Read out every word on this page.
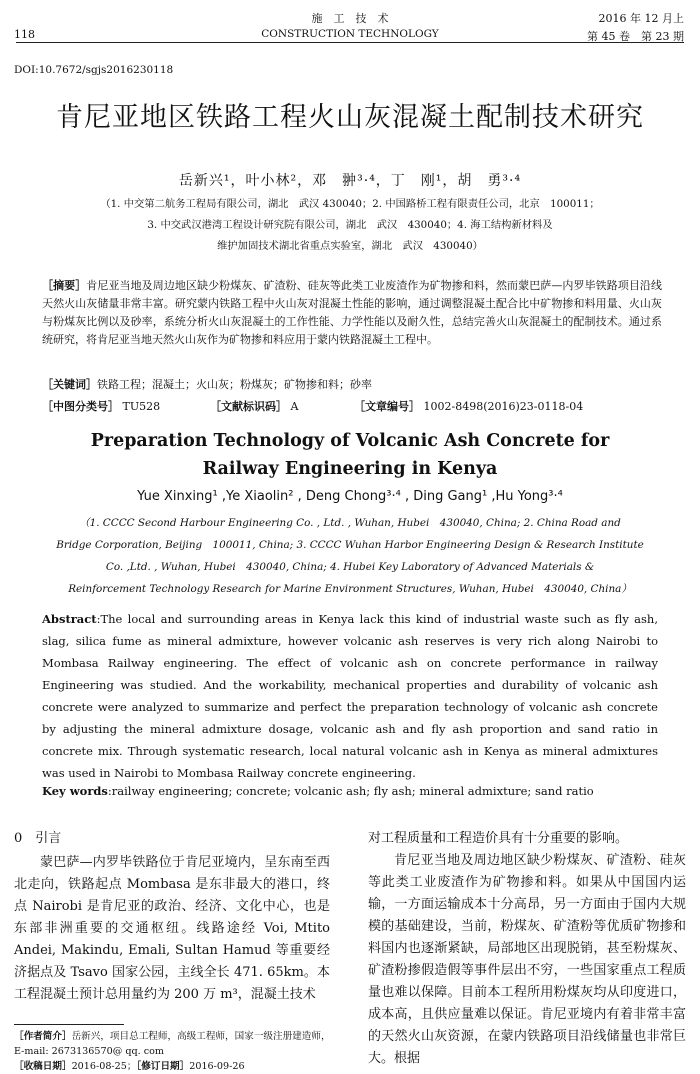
118
施　工　技　术
CONSTRUCTION TECHNOLOGY
2016 年 12 月上
第 45 卷　第 23 期
DOI:10.7672/sgjs2016230118
肯尼亚地区铁路工程火山灰混凝土配制技术研究
岳新兴¹，叶小林²，邓　翀³·⁴，丁　刚¹，胡　勇³·⁴
（1. 中交第二航务工程局有限公司，湖北　武汉 430040；2. 中国路桥工程有限责任公司，北京　100011；
3. 中交武汉港湾工程设计研究院有限公司，湖北　武汉　430040；4. 海工结构新材料及
维护加固技术湖北省重点实验室，湖北　武汉　430040）
［摘要］肯尼亚当地及周边地区缺少粉煤灰、矿渣粉、硅灰等此类工业废渣作为矿物掺和料，然而蒙巴萨—内罗毕铁路项目沿线天然火山灰储量非常丰富。研究蒙内铁路工程中火山灰对混凝土性能的影响，通过调整混凝土配合比中矿物掺和料用量、火山灰与粉煤灰比例以及砂率，系统分析火山灰混凝土的工作性能、力学性能以及耐久性，总结完善火山灰混凝土的配制技术。通过系统研究，将肯尼亚当地天然火山灰作为矿物掺和料应用于蒙内铁路混凝土工程中。
［关键词］铁路工程；混凝土；火山灰；粉煤灰；矿物掺和料；砂率
［中图分类号］ TU528	［文献标识码］ A	［文章编号］ 1002-8498(2016)23-0118-04
Preparation Technology of Volcanic Ash Concrete for
Railway Engineering in Kenya
Yue Xinxing¹ ,Ye Xiaolin² , Deng Chong³·⁴ , Ding Gang¹ ,Hu Yong³·⁴
（1. CCCC Second Harbour Engineering Co. , Ltd. , Wuhan, Hubei　430040, China; 2. China Road and
Bridge Corporation, Beijing　100011, China; 3. CCCC Wuhan Harbor Engineering Design & Research Institute
Co. ,Ltd. , Wuhan, Hubei　430040, China; 4. Hubei Key Laboratory of Advanced Materials &
Reinforcement Technology Research for Marine Environment Structures, Wuhan, Hubei　430040, China）
Abstract:The local and surrounding areas in Kenya lack this kind of industrial waste such as fly ash, slag, silica fume as mineral admixture, however volcanic ash reserves is very rich along Nairobi to Mombasa Railway engineering. The effect of volcanic ash on concrete performance in railway Engineering was studied. And the workability, mechanical properties and durability of volcanic ash concrete were analyzed to summarize and perfect the preparation technology of volcanic ash concrete by adjusting the mineral admixture dosage, volcanic ash and fly ash proportion and sand ratio in concrete mix. Through systematic research, local natural volcanic ash in Kenya as mineral admixtures was used in Nairobi to Mombasa Railway concrete engineering.
Key words:railway engineering; concrete; volcanic ash; fly ash; mineral admixture; sand ratio
0　引言

蒙巴萨—内罗毕铁路位于肯尼亚境内，呈东南至西北走向，铁路起点 Mombasa 是东非最大的港口，终点 Nairobi 是肯尼亚的政治、经济、文化中心，也是东部非洲重要的交通枢纽。线路途经 Voi, Mtito Andei, Makindu, Emali, Sultan Hamud 等重要经济据点及 Tsavo 国家公园，主线全长 471. 65km。本工程混凝土预计总用量约为 200 万 m³，混凝土技术

对工程质量和工程造价具有十分重要的影响。

肯尼亚当地及周边地区缺少粉煤灰、矿渣粉、硅灰等此类工业废渣作为矿物掺和料。如果从中国国内运输，一方面运输成本十分高昂，另一方面由于国内大规模的基础建设，当前，粉煤灰、矿渣粉等优质矿物掺和料国内也逐渐紧缺，局部地区出现脱销，甚至粉煤灰、矿渣粉掺假造假等事件层出不穷，一些国家重点工程质量也难以保障。目前本工程所用粉煤灰均从印度进口，成本高，且供应量难以保证。肯尼亚境内有着非常丰富的天然火山灰资源，在蒙内铁路项目沿线储量也非常巨大。根据

［作者简介］岳新兴，项目总工程师，高级工程师，国家一级注册建造师，E-mail: 2673136570@ qq. com
［收稿日期］2016-08-25；［修订日期］2016-09-26
